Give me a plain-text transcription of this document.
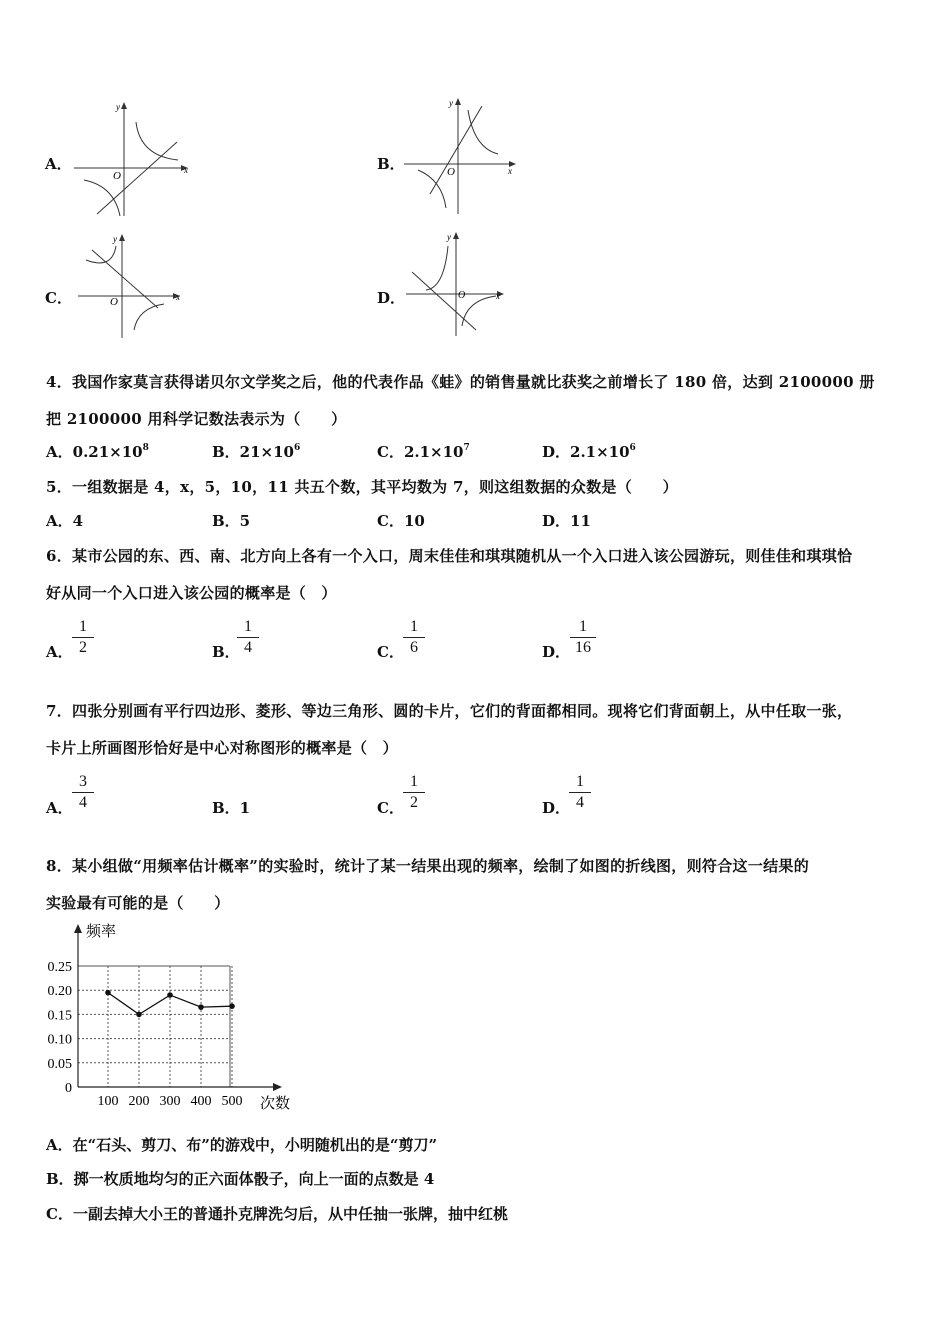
A．	x
y
O
B．	x
y
O
C．	x
y
O	D．	x
y
O
4．我国作家莫言获得诺贝尔文学奖之后，他的代表作品《蛙》的销售量就比获奖之前增长了 180 倍，达到 2100000 册
把 2100000 用科学记数法表示为（　　）
A．$0.21\times 10^8$	B．$21\times 10^6$	C．$2.1\times 10^7$	D．$2.1\times 10^6$
5．一组数据是 4，x，5，10，11 共五个数，其平均数为 7，则这组数据的众数是（　　）
A．4	B．5	C．10	D．11
6．某市公园的东、西、南、北方向上各有一个入口，周末佳佳和琪琪随机从一个入口进入该公园游玩，则佳佳和琪琪恰
好从同一个入口进入该公园的概率是（　）
A．
1
2	B．
1
4	C．
1
6	D．
1
16
7．四张分别画有平行四边形、菱形、等边三角形、圆的卡片，它们的背面都相同。现将它们背面朝上，从中任取一张，
卡片上所画图形恰好是中心对称图形的概率是（　）
A．
3
4	B．1	C．
1
2	D．
1
4
8．某小组做“用频率估计概率”的实验时，统计了某一结果出现的频率，绘制了如图的折线图，则符合这一结果的
实验最有可能的是（　　）
0.25
0.20
0.15
0.10
0.05
0
100 200 300 400 500
频率
次数
A．在“石头、剪刀、布”的游戏中，小明随机出的是“剪刀”
B．掷一枚质地均匀的正六面体骰子，向上一面的点数是 4
C．一副去掉大小王的普通扑克牌洗匀后，从中任抽一张牌，抽中红桃
